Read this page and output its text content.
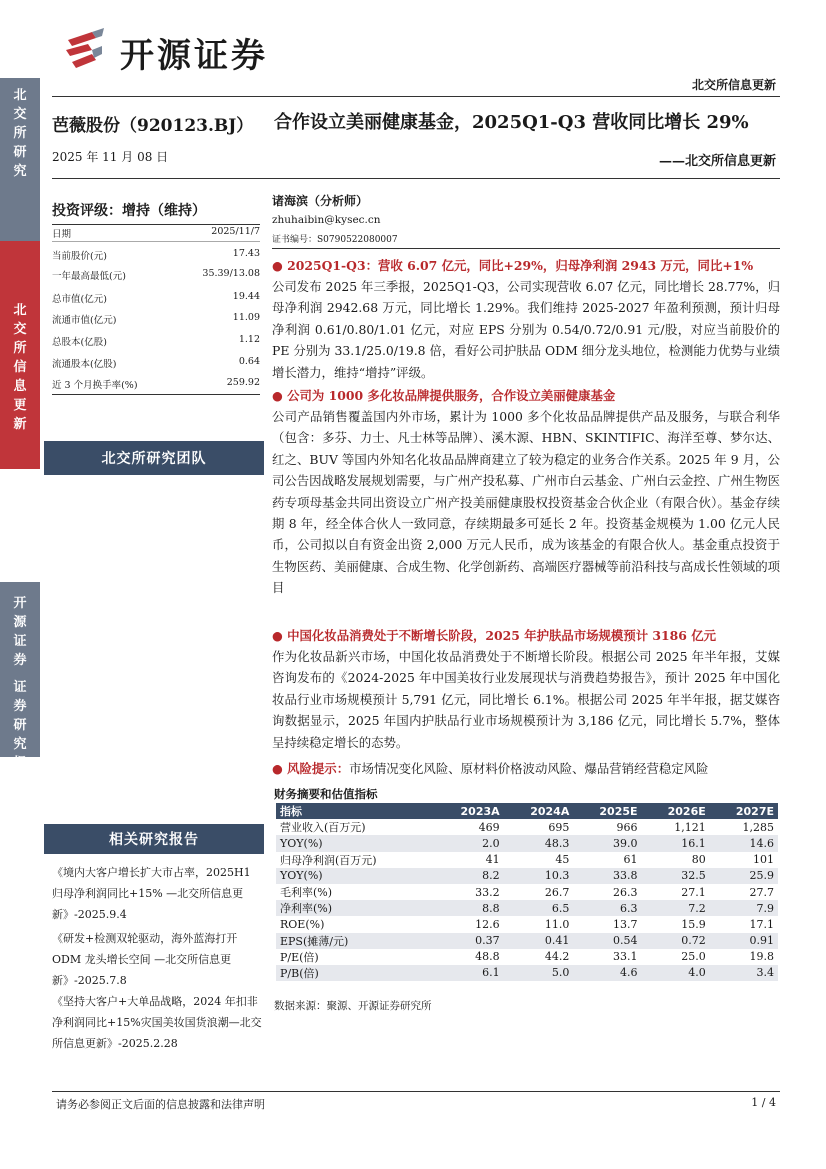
开源证券
北交所信息更新
北交所研究
北交所信息更新
开源证券
证券研究报告
芭薇股份（920123.BJ）
2025 年 11 月 08 日
合作设立美丽健康基金，2025Q1-Q3 营收同比增长 29%
——北交所信息更新
投资评级：增持（维持）
日期	2025/11/7
当前股价(元)	17.43
一年最高最低(元)	35.39/13.08
总市值(亿元)	19.44
流通市值(亿元)	11.09
总股本(亿股)	1.12
流通股本(亿股)	0.64
近 3 个月换手率(%)	259.92
北交所研究团队
诸海滨（分析师）
zhuhaibin@kysec.cn
证书编号：S0790522080007
● 2025Q1-Q3：营收 6.07 亿元，同比+29%，归母净利润 2943 万元，同比+1%

公司发布 2025 年三季报，2025Q1-Q3，公司实现营收 6.07 亿元，同比增长 28.77%，归母净利润 2942.68 万元，同比增长 1.29%。我们维持 2025-2027 年盈利预测，预计归母净利润 0.61/0.80/1.01 亿元，对应 EPS 分别为 0.54/0.72/0.91 元/股，对应当前股价的 PE 分别为 33.1/25.0/19.8 倍，看好公司护肤品 ODM 细分龙头地位，检测能力优势与业绩增长潜力，维持“增持”评级。

● 公司为 1000 多化妆品牌提供服务，合作设立美丽健康基金

公司产品销售覆盖国内外市场，累计为 1000 多个化妆品品牌提供产品及服务，与联合利华（包含：多芬、力士、凡士林等品牌）、溪木源、HBN、SKINTIFIC、海洋至尊、梦尔达、红之、BUV 等国内外知名化妆品品牌商建立了较为稳定的业务合作关系。2025 年 9 月，公司公告因战略发展规划需要，与广州产投私募、广州市白云基金、广州白云金控、广州生物医药专项母基金共同出资设立广州产投美丽健康股权投资基金合伙企业（有限合伙）。基金存续期 8 年，经全体合伙人一致同意，存续期最多可延长 2 年。投资基金规模为 1.00 亿元人民币，公司拟以自有资金出资 2,000 万元人民币，成为该基金的有限合伙人。基金重点投资于生物医药、美丽健康、合成生物、化学创新药、高端医疗器械等前沿科技与高成长性领域的项目

● 中国化妆品消费处于不断增长阶段，2025 年护肤品市场规模预计 3186 亿元

作为化妆品新兴市场，中国化妆品消费处于不断增长阶段。根据公司 2025 年半年报，艾媒咨询发布的《2024-2025 年中国美妆行业发展现状与消费趋势报告》，预计 2025 年中国化妆品行业市场规模预计 5,791 亿元，同比增长 6.1%。根据公司 2025 年半年报，据艾媒咨询数据显示，2025 年国内护肤品行业市场规模预计为 3,186 亿元，同比增长 5.7%，整体呈持续稳定增长的态势。

● 风险提示：市场情况变化风险、原材料价格波动风险、爆品营销经营稳定风险
财务摘要和估值指标
指标	2023A	2024A	2025E	2026E	2027E
营业收入(百万元)	469	695	966	1,121	1,285
YOY(%)	2.0	48.3	39.0	16.1	14.6
归母净利润(百万元)	41	45	61	80	101
YOY(%)	8.2	10.3	33.8	32.5	25.9
毛利率(%)	33.2	26.7	26.3	27.1	27.7
净利率(%)	8.8	6.5	6.3	7.2	7.9
ROE(%)	12.6	11.0	13.7	15.9	17.1
EPS(摊薄/元)	0.37	0.41	0.54	0.72	0.91
P/E(倍)	48.8	44.2	33.1	25.0	19.8
P/B(倍)	6.1	5.0	4.6	4.0	3.4
数据来源：聚源、开源证券研究所
相关研究报告

《境内大客户增长扩大市占率，2025H1 归母净利润同比+15% —北交所信息更新》-2025.9.4

《研发+检测双轮驱动，海外蓝海打开 ODM 龙头增长空间 —北交所信息更新》-2025.7.8

《坚持大客户+大单品战略，2024 年扣非净利润同比+15%灾国美妆国货浪潮—北交所信息更新》-2025.2.28

请务必参阅正文后面的信息披露和法律声明	1 / 4
